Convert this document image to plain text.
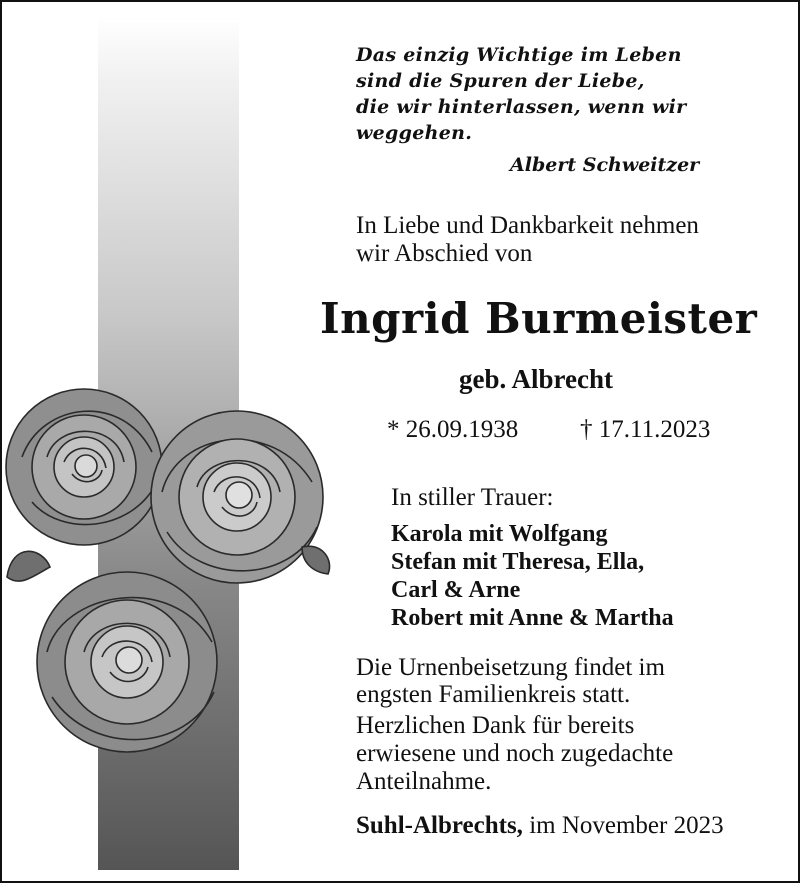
Das einzig Wichtige im Leben
sind die Spuren der Liebe,
die wir hinterlassen, wenn wir
weggehen.
Albert Schweitzer
In Liebe und Dankbarkeit nehmen
wir Abschied von
Ingrid Burmeister
geb. Albrecht
* 26.09.1938 † 17.11.2023
In stiller Trauer:
Karola mit Wolfgang
Stefan mit Theresa, Ella,
Carl & Arne
Robert mit Anne & Martha
Die Urnenbeisetzung findet im
engsten Familienkreis statt.
Herzlichen Dank für bereits
erwiesene und noch zugedachte
Anteilnahme.
Suhl-Albrechts, im November 2023
